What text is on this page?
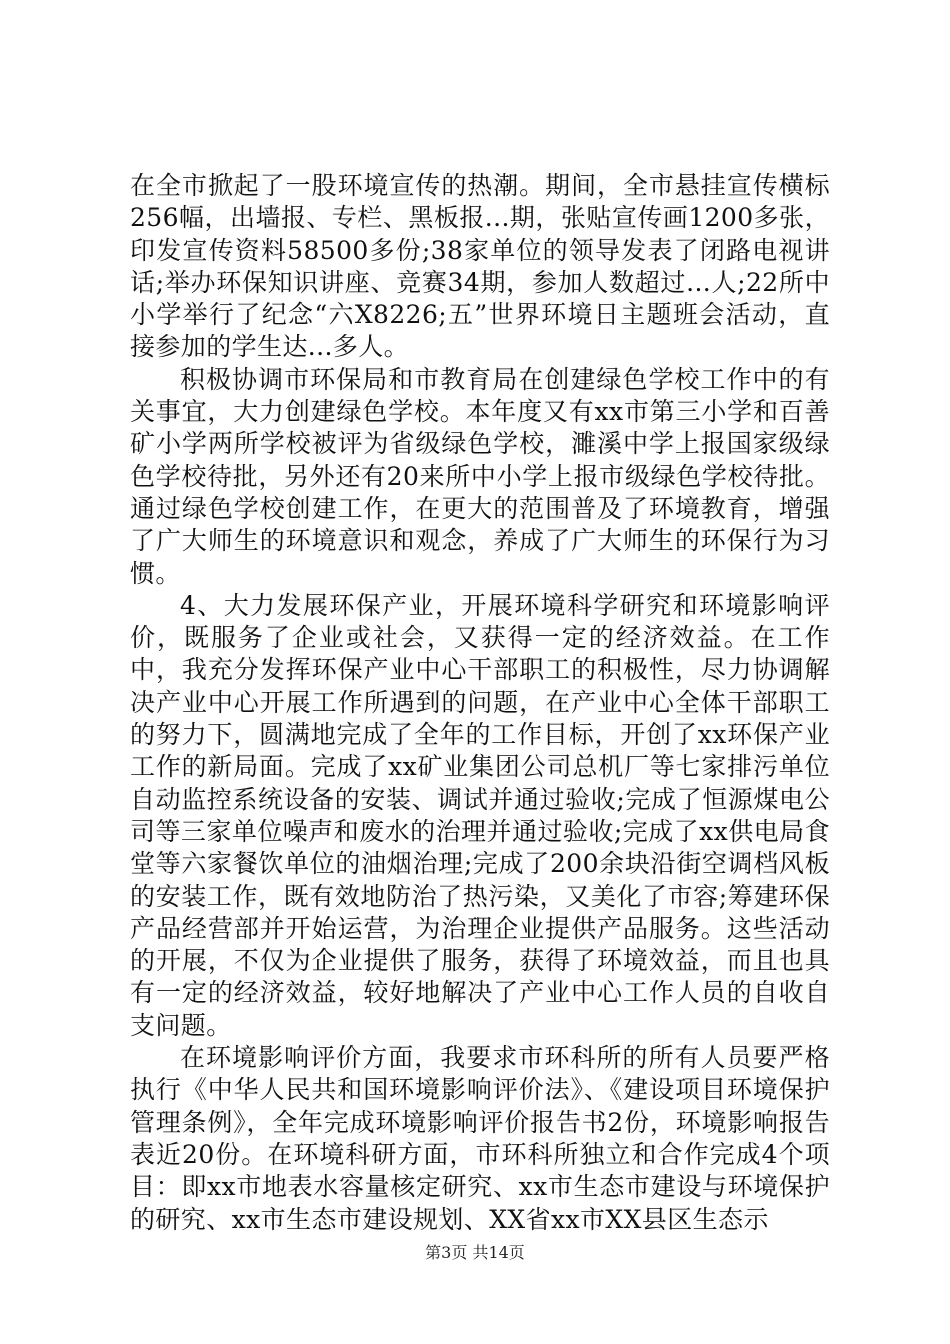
在全市掀起了一股环境宣传的热潮。期间，全市悬挂宣传横标256幅，出墙报、专栏、黑板报...期，张贴宣传画1200多张，印发宣传资料58500多份;38家单位的领导发表了闭路电视讲话;举办环保知识讲座、竞赛34期，参加人数超过...人;22所中小学举行了纪念“六X8226;五”世界环境日主题班会活动，直接参加的学生达...多人。

积极协调市环保局和市教育局在创建绿色学校工作中的有关事宜，大力创建绿色学校。本年度又有xx市第三小学和百善矿小学两所学校被评为省级绿色学校，濉溪中学上报国家级绿色学校待批，另外还有20来所中小学上报市级绿色学校待批。通过绿色学校创建工作，在更大的范围普及了环境教育，增强了广大师生的环境意识和观念，养成了广大师生的环保行为习惯。

4、大力发展环保产业，开展环境科学研究和环境影响评价，既服务了企业或社会，又获得一定的经济效益。在工作中，我充分发挥环保产业中心干部职工的积极性，尽力协调解决产业中心开展工作所遇到的问题，在产业中心全体干部职工的努力下，圆满地完成了全年的工作目标，开创了xx环保产业工作的新局面。完成了xx矿业集团公司总机厂等七家排污单位自动监控系统设备的安装、调试并通过验收;完成了恒源煤电公司等三家单位噪声和废水的治理并通过验收;完成了xx供电局食堂等六家餐饮单位的油烟治理;完成了200余块沿街空调档风板的安装工作，既有效地防治了热污染，又美化了市容;筹建环保产品经营部并开始运营，为治理企业提供产品服务。这些活动的开展，不仅为企业提供了服务，获得了环境效益，而且也具有一定的经济效益，较好地解决了产业中心工作人员的自收自支问题。

在环境影响评价方面，我要求市环科所的所有人员要严格执行《中华人民共和国环境影响评价法》、《建设项目环境保护管理条例》，全年完成环境影响评价报告书2份，环境影响报告表近20份。在环境科研方面，市环科所独立和合作完成4个项目：即xx市地表水容量核定研究、xx市生态市建设与环境保护的研究、xx市生态市建设规划、XX省xx市XX县区生态示

第3页 共14页
